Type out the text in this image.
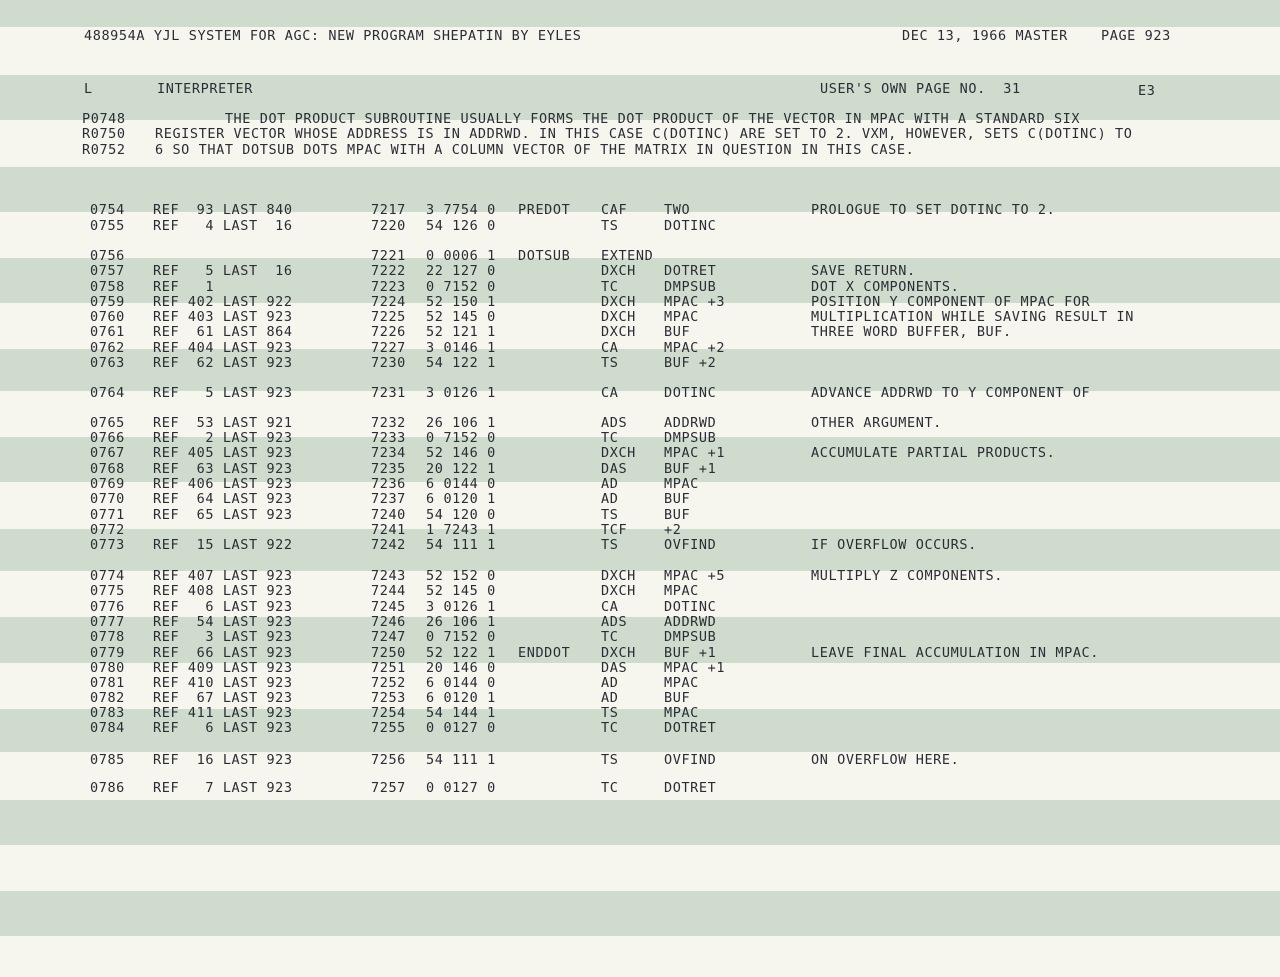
488954A YJL SYSTEM FOR AGC: NEW PROGRAM SHEPATIN BY EYLES	DEC 13, 1966 MASTER PAGE 923
L	INTERPRETER	USER'S OWN PAGE NO.  31	E3
P0748 THE DOT PRODUCT SUBROUTINE USUALLY FORMS THE DOT PRODUCT OF THE VECTOR IN MPAC WITH A STANDARD SIX
R0750 REGISTER VECTOR WHOSE ADDRESS IS IN ADDRWD. IN THIS CASE C(DOTINC) ARE SET TO 2. VXM, HOWEVER, SETS C(DOTINC) TO
R0752 6 SO THAT DOTSUB DOTS MPAC WITH A COLUMN VECTOR OF THE MATRIX IN QUESTION IN THIS CASE.
0754 REF  93 LAST 840	7217 3 7754 0 PREDOT CAF	TWO	PROLOGUE TO SET DOTINC TO 2.
0755 REF   4 LAST  16	7220 54 126 0	TS	DOTINC
0756	7221 0 0006 1 DOTSUB EXTEND
0757 REF   5 LAST  16	7222 22 127 0	DXCH DOTRET	SAVE RETURN.
0758 REF   1	7223 0 7152 0	TC	DMPSUB	DOT X COMPONENTS.
0759 REF 402 LAST 922	7224 52 150 1	DXCH MPAC +3	POSITION Y COMPONENT OF MPAC FOR
0760 REF 403 LAST 923	7225 52 145 0	DXCH MPAC	MULTIPLICATION WHILE SAVING RESULT IN
0761 REF  61 LAST 864	7226 52 121 1	DXCH BUF	THREE WORD BUFFER, BUF.
0762 REF 404 LAST 923	7227 3 0146 1	CA	MPAC +2
0763 REF  62 LAST 923	7230 54 122 1	TS	BUF +2
0764 REF   5 LAST 923	7231 3 0126 1	CA	DOTINC	ADVANCE ADDRWD TO Y COMPONENT OF
0765 REF  53 LAST 921	7232 26 106 1	ADS	ADDRWD	OTHER ARGUMENT.
0766 REF   2 LAST 923	7233 0 7152 0	TC	DMPSUB
0767 REF 405 LAST 923	7234 52 146 0	DXCH MPAC +1	ACCUMULATE PARTIAL PRODUCTS.
0768 REF  63 LAST 923	7235 20 122 1	DAS	BUF +1
0769 REF 406 LAST 923	7236 6 0144 0	AD	MPAC
0770 REF  64 LAST 923	7237 6 0120 1	AD	BUF
0771 REF  65 LAST 923	7240 54 120 0	TS	BUF
0772	7241 1 7243 1	TCF	+2
0773 REF  15 LAST 922	7242 54 111 1	TS	OVFIND	IF OVERFLOW OCCURS.
0774 REF 407 LAST 923	7243 52 152 0	DXCH MPAC +5	MULTIPLY Z COMPONENTS.
0775 REF 408 LAST 923	7244 52 145 0	DXCH MPAC
0776 REF   6 LAST 923	7245 3 0126 1	CA	DOTINC
0777 REF  54 LAST 923	7246 26 106 1	ADS	ADDRWD
0778 REF   3 LAST 923	7247 0 7152 0	TC	DMPSUB
0779 REF  66 LAST 923	7250 52 122 1 ENDDOT DXCH BUF +1	LEAVE FINAL ACCUMULATION IN MPAC.
0780 REF 409 LAST 923	7251 20 146 0	DAS	MPAC +1
0781 REF 410 LAST 923	7252 6 0144 0	AD	MPAC
0782 REF  67 LAST 923	7253 6 0120 1	AD	BUF
0783 REF 411 LAST 923	7254 54 144 1	TS	MPAC
0784 REF   6 LAST 923	7255 0 0127 0	TC	DOTRET
0785 REF  16 LAST 923	7256 54 111 1	TS	OVFIND	ON OVERFLOW HERE.
0786 REF   7 LAST 923	7257 0 0127 0	TC	DOTRET
